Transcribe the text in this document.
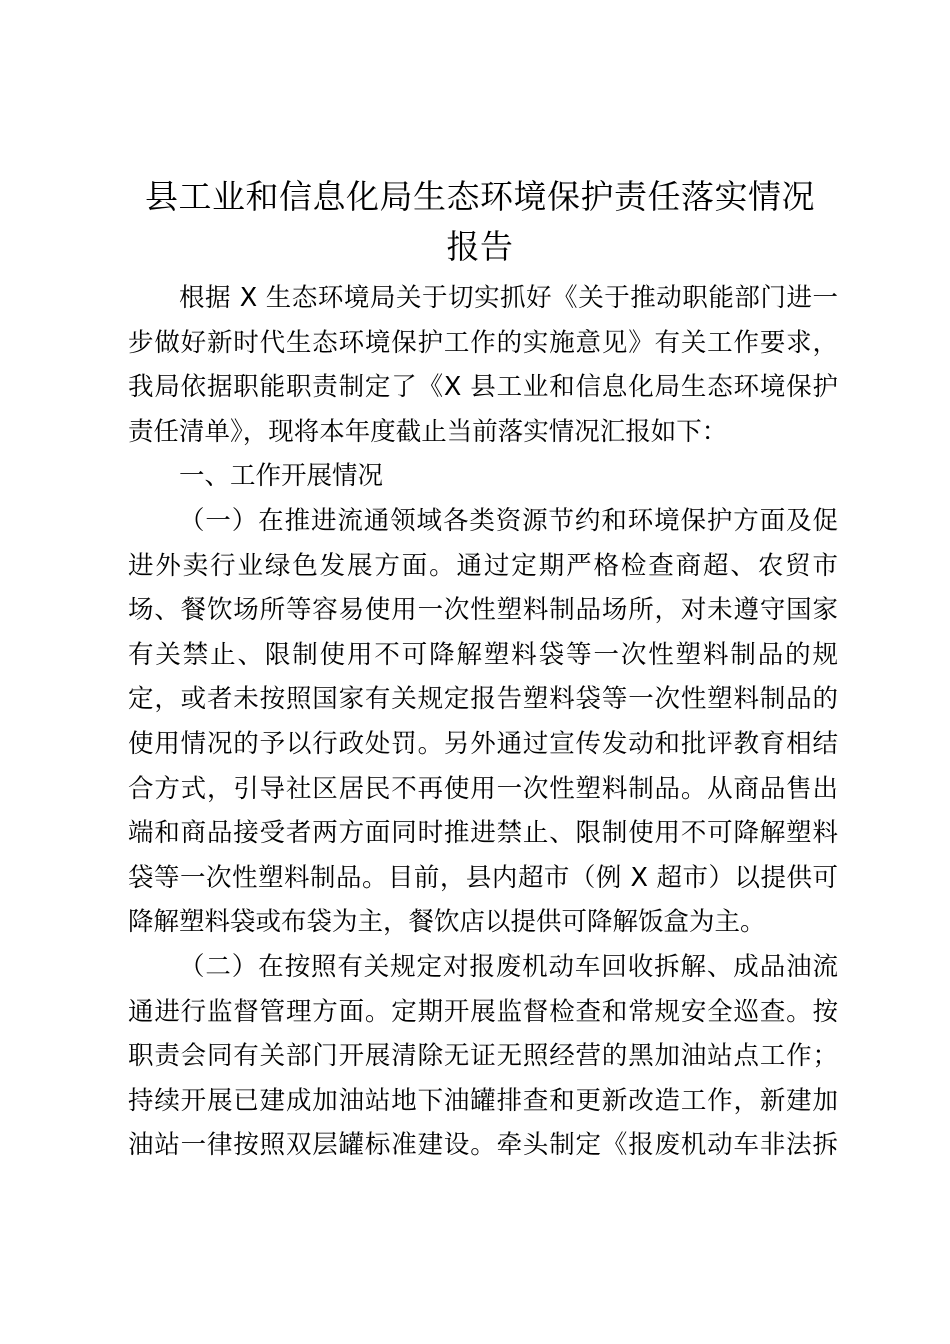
县工业和信息化局生态环境保护责任落实情况
报告
根据 X 生态环境局关于切实抓好《关于推动职能部门进一
步做好新时代生态环境保护工作的实施意见》有关工作要求，
我局依据职能职责制定了《X 县工业和信息化局生态环境保护
责任清单》，现将本年度截止当前落实情况汇报如下：
一、工作开展情况
（一）在推进流通领域各类资源节约和环境保护方面及促
进外卖行业绿色发展方面。通过定期严格检查商超、农贸市
场、餐饮场所等容易使用一次性塑料制品场所，对未遵守国家
有关禁止、限制使用不可降解塑料袋等一次性塑料制品的规
定，或者未按照国家有关规定报告塑料袋等一次性塑料制品的
使用情况的予以行政处罚。另外通过宣传发动和批评教育相结
合方式，引导社区居民不再使用一次性塑料制品。从商品售出
端和商品接受者两方面同时推进禁止、限制使用不可降解塑料
袋等一次性塑料制品。目前，县内超市（例 X 超市）以提供可
降解塑料袋或布袋为主，餐饮店以提供可降解饭盒为主。
（二）在按照有关规定对报废机动车回收拆解、成品油流
通进行监督管理方面。定期开展监督检查和常规安全巡查。按
职责会同有关部门开展清除无证无照经营的黑加油站点工作；
持续开展已建成加油站地下油罐排查和更新改造工作，新建加
油站一律按照双层罐标准建设。牵头制定《报废机动车非法拆
